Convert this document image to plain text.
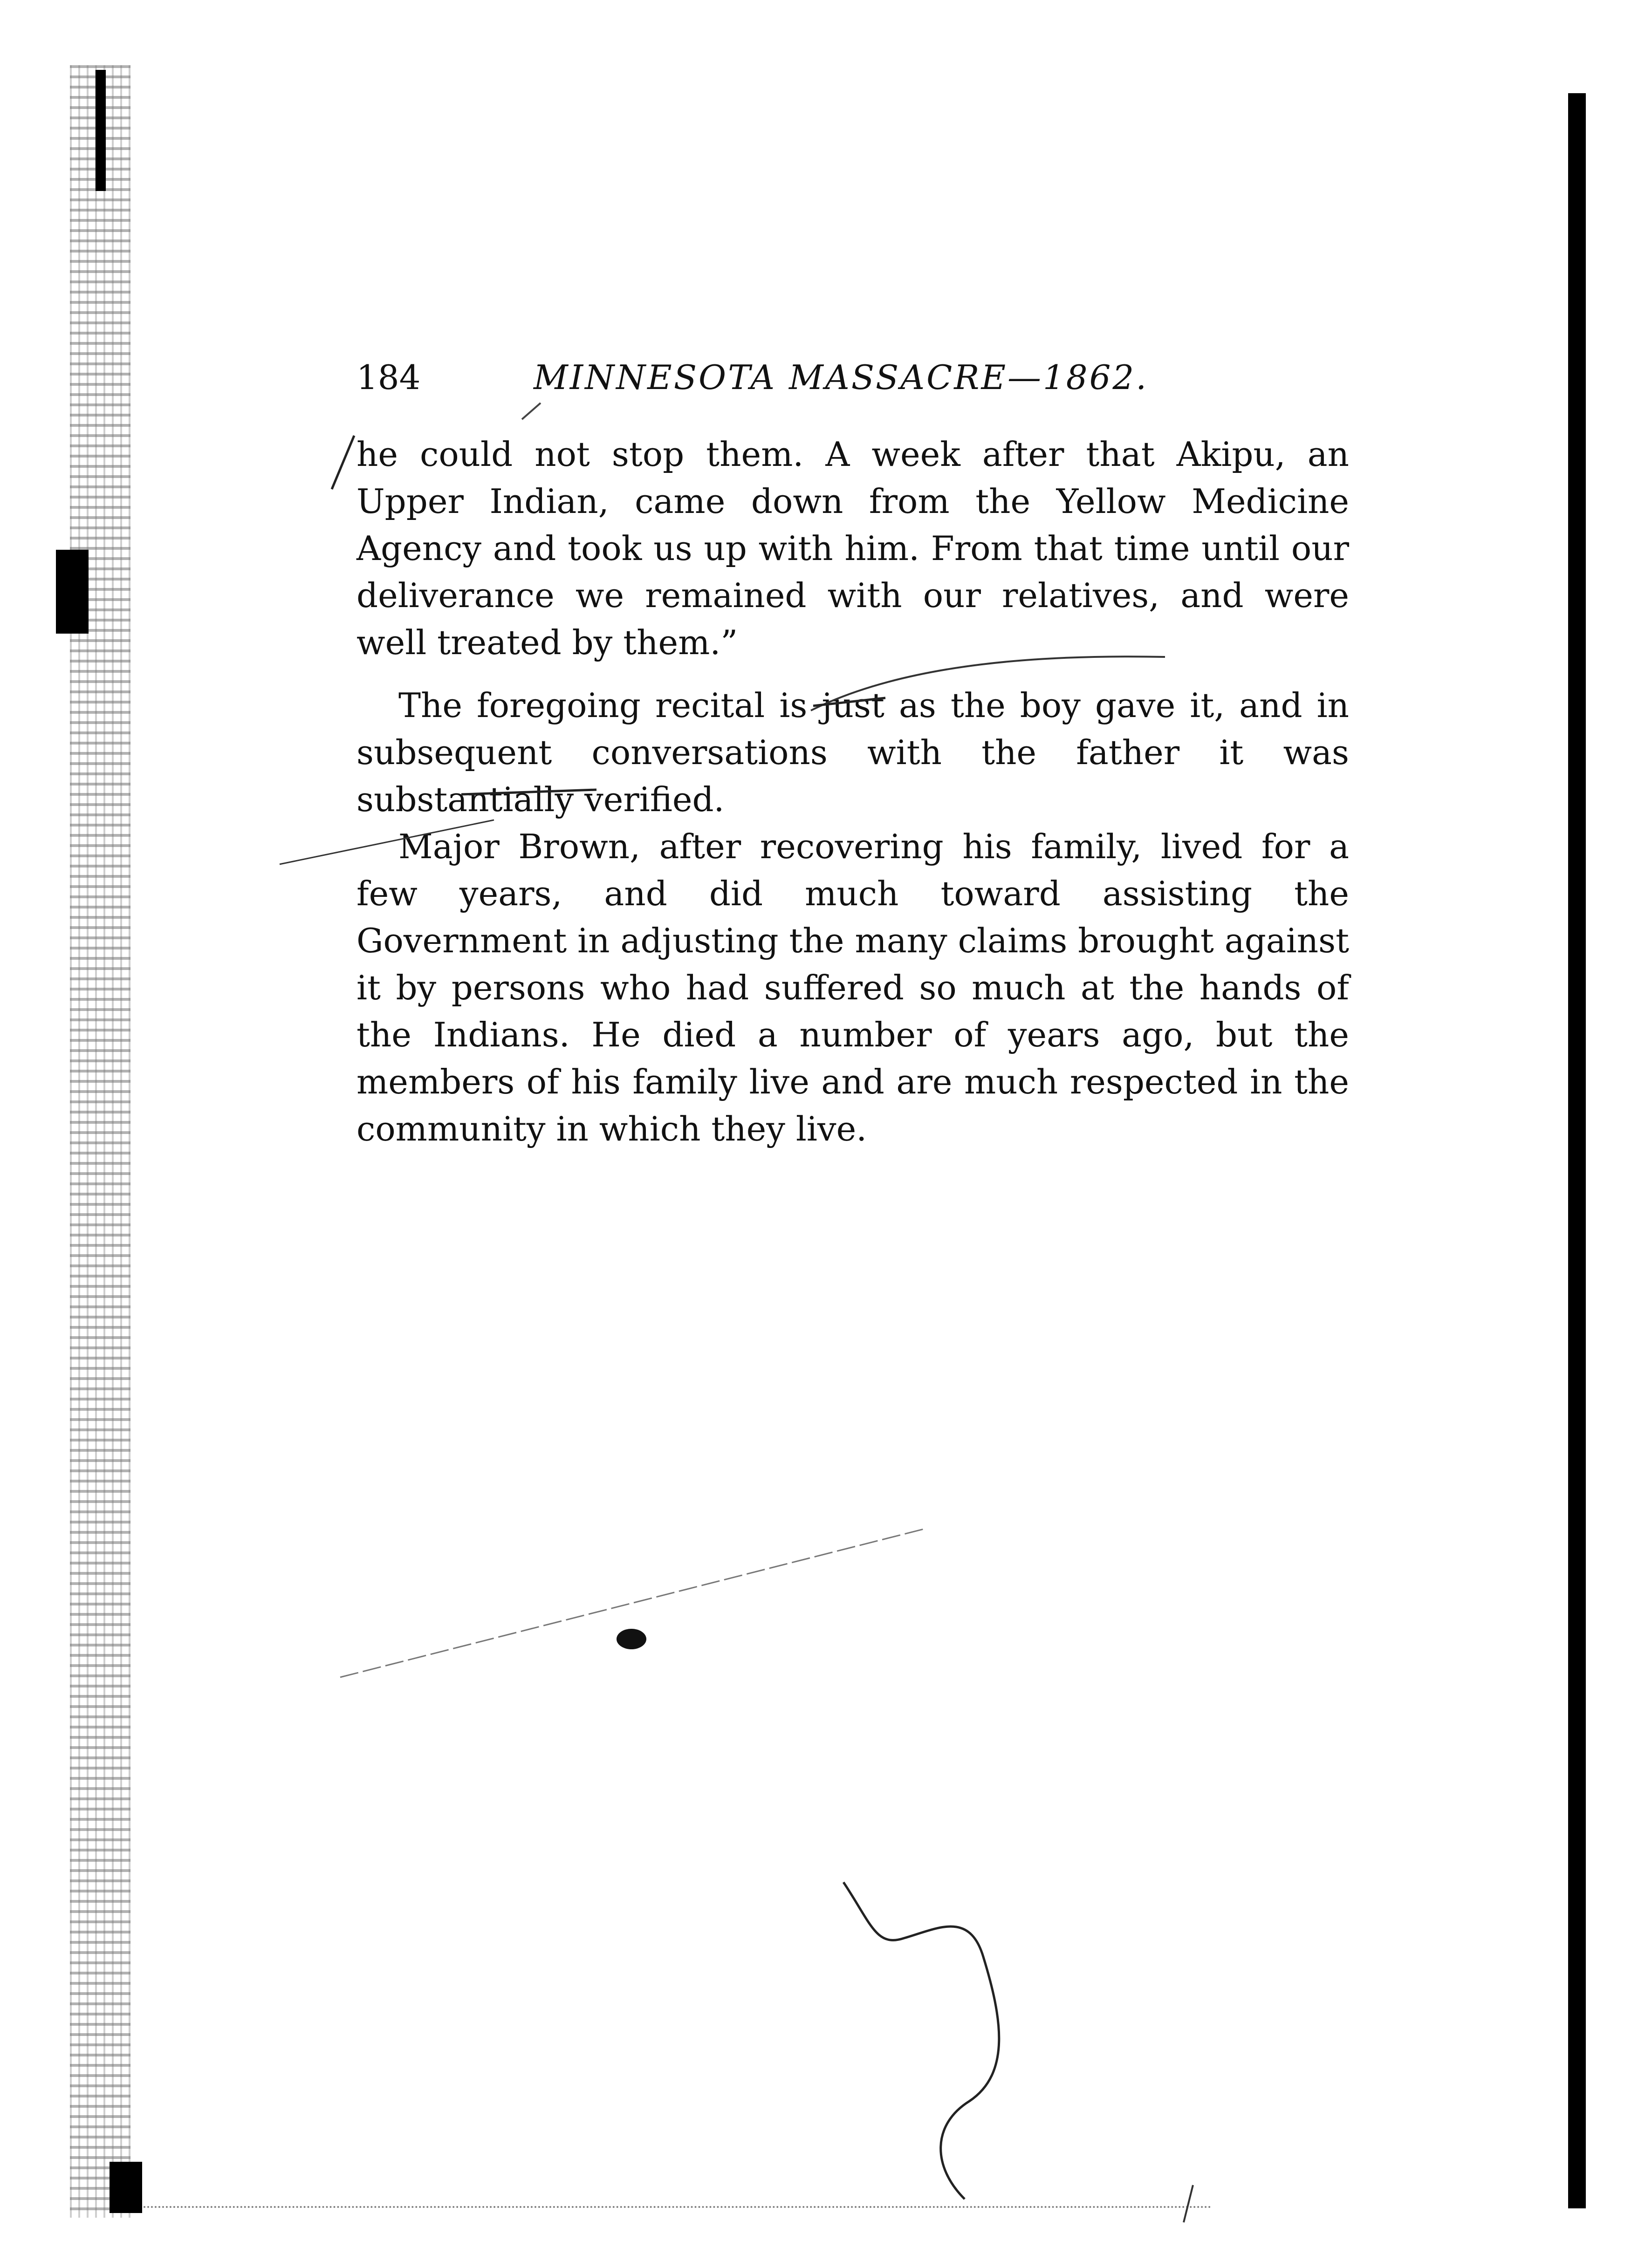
184	MINNESOTA MASSACRE—1862.

he could not stop them. A week after that Akipu, an Upper Indian, came down from the Yellow Medicine Agency and took us up with him. From that time until our deliverance we remained with our relatives, and were well treated by them.”

The foregoing recital is just as the boy gave it, and in subsequent conversations with the father it was substantially verified.

Major Brown, after recovering his family, lived for a few years, and did much toward assisting the Government in adjusting the many claims brought against it by persons who had suffered so much at the hands of the Indians. He died a number of years ago, but the members of his family live and are much respected in the community in which they live.
